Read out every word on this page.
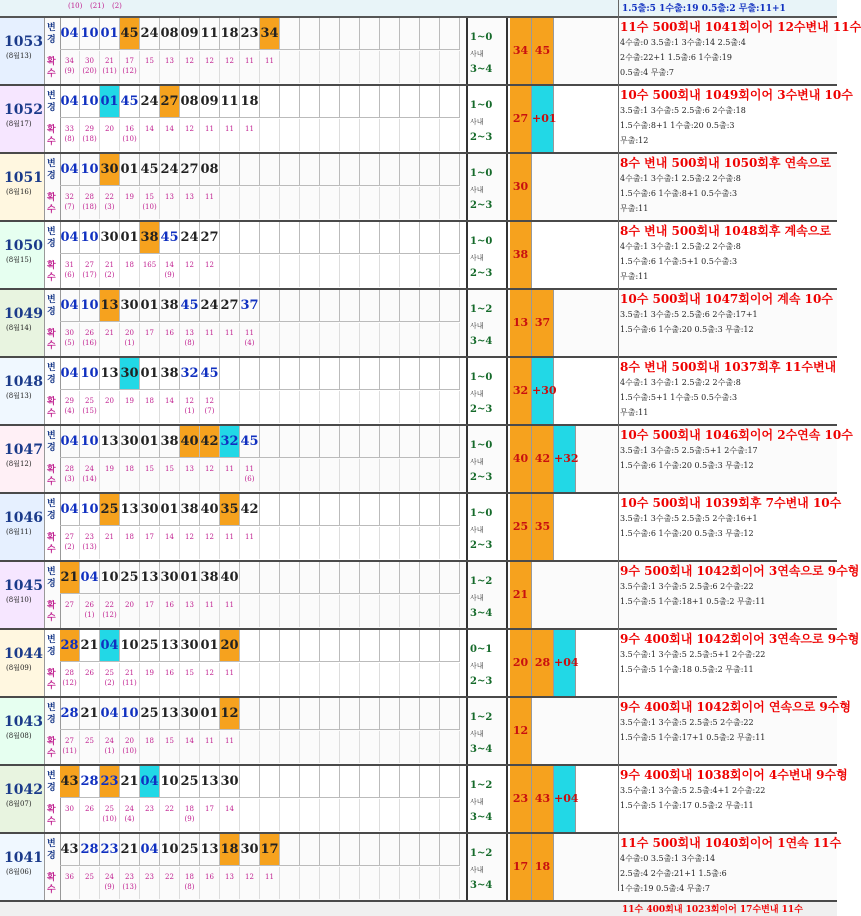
1.5출:5 1수출:19 0.5출:2 무출:11+1
(10) (21) (2)
1053
(8월13)
변
경
확
수
04
34
(9)
10
30
(20)
01
21
(11)
45
17
(12)
24
15
08
13
09
12
11
12
18
12
23
11
34
11
1~0
사내
3~4
34 45
11수 500회내 1041회이어 12수변내 11수
4수출:0 3.5출:1 3수출:14 2.5출:4
2수출:22+1 1.5출:6 1수출:19
0.5출:4 무출:7
1052
(8월17)
변
경
확
수
04
33
(8)
10
29
(18)
01
20
45
16
(10)
24
14
27
14
08
12
09
11
11
11
18
11
1~0
사내
2~3
27 +01
10수 500회내 1049회이어 3수변내 10수
3.5출:1 3수출:5 2.5출:6 2수출:18
1.5수출:8+1 1수출:20 0.5출:3
무출:12
1051
(8월16)
변
경
확
수
04
32
(7)
10
28
(18)
30
22
(3)
01
19
45
15
(10)
24
13
27
13
08
11
1~0
사내
2~3
30
8수 변내 500회내 1050회후 연속으로
4수출:1 3수출:1 2.5출:2 2수출:8
1.5수출:6 1수출:8+1 0.5수출:3
무출:11
1050
(8월15)
변
경
확
수
04
31
(6)
10
27
(17)
30
21
(2)
01
18
38
165
45
14
(9)
24
12
27
12
1~0
사내
2~3
38
8수 변내 500회내 1048회후 계속으로
4수출:1 3수출:1 2.5출:2 2수출:8
1.5수출:6 1수출:5+1 0.5수출:3
무출:11
1049
(8월14)
변
경
확
수
04
30
(5)
10
26
(16)
13
21
30
20
(1)
01
17
38
16
45
13
(8)
24
11
27
11
37
11
(4)
1~2
사내
3~4
13 37
10수 500회내 1047회이어 계속 10수
3.5출:1 3수출:5 2.5출:6 2수출:17+1
1.5수출:6 1수출:20 0.5출:3 무출:12
1048
(8월13)
변
경
확
수
04
29
(4)
10
25
(15)
13
20
30
19
01
18
38
14
32
12
(1)
45
12
(7)
1~0
사내
2~3
32 +30
8수 변내 500회내 1037회후 11수변내
4수출:1 3수출:1 2.5출:2 2수출:8
1.5수출:5+1 1수출:5 0.5수출:3
무출:11
1047
(8월12)
변
경
확
수
04
28
(3)
10
24
(14)
13
19
30
18
01
15
38
15
40
13
42
12
32
11
45
11
(6)
1~0
사내
2~3
40 42 +32
10수 500회내 1046회이어 2수연속 10수
3.5출:1 3수출:5 2.5출:5+1 2수출:17
1.5수출:6 1수출:20 0.5출:3 무출:12
1046
(8월11)
변
경
확
수
04
27
(2)
10
23
(13)
25
21
13
18
30
17
01
14
38
12
40
12
35
11
42
11
1~0
사내
2~3
25 35
10수 500회내 1039회후 7수변내 10수
3.5출:1 3수출:5 2.5출:5 2수출:16+1
1.5수출:6 1수출:20 0.5출:3 무출:12
1045
(8월10)
변
경
확
수
21
27
04
26
(1)
10
22
(12)
25
20
13
17
30
16
01
13
38
11
40
11
1~2
사내
3~4
21
9수 500회내 1042회이어 3연속으로 9수형
3.5수출:1 3수출:5 2.5출:6 2수출:22
1.5수출:5 1수출:18+1 0.5출:2 무출:11
1044
(8월09)
변
경
확
수
28
28
(12)
21
26
04
25
(2)
10
21
(11)
25
19
13
16
30
15
01
12
20
11
0~1
사내
2~3
20 28 +04
9수 400회내 1042회이어 3연속으로 9수형
3.5수출:1 3수출:5 2.5출:5+1 2수출:22
1.5수출:5 1수출:18 0.5출:2 무출:11
1043
(8월08)
변
경
확
수
28
27
(11)
21
25
04
24
(1)
10
20
(10)
25
18
13
15
30
14
01
11
12
11
1~2
사내
3~4
12
9수 400회내 1042회이어 연속으로 9수형
3.5수출:1 3수출:5 2.5출:5 2수출:22
1.5수출:5 1수출:17+1 0.5출:2 무출:11
1042
(8월07)
변
경
확
수
43
30
28
26
23
25
(10)
21
24
(4)
04
23
10
22
25
18
(9)
13
17
30
14
1~2
사내
3~4
23 43 +04
9수 400회내 1038회이어 4수변내 9수형
3.5수출:1 3수출:5 2.5출:4+1 2수출:22
1.5수출:5 1수출:17 0.5출:2 무출:11
1041
(8월06)
변
경
확
수
43
36
28
25
23
24
(9)
21
23
(13)
04
23
10
22
25
18
(8)
13
16
18
13
30
12
17
11
1~2
사내
3~4
17 18
11수 500회내 1040회이어 1연속 11수
4수출:0 3.5출:1 3수출:14
2.5출:4 2수출:21+1 1.5출:6
1수출:19 0.5출:4 무출:7
11수 400회내 1023회이어 17수변내 11수
